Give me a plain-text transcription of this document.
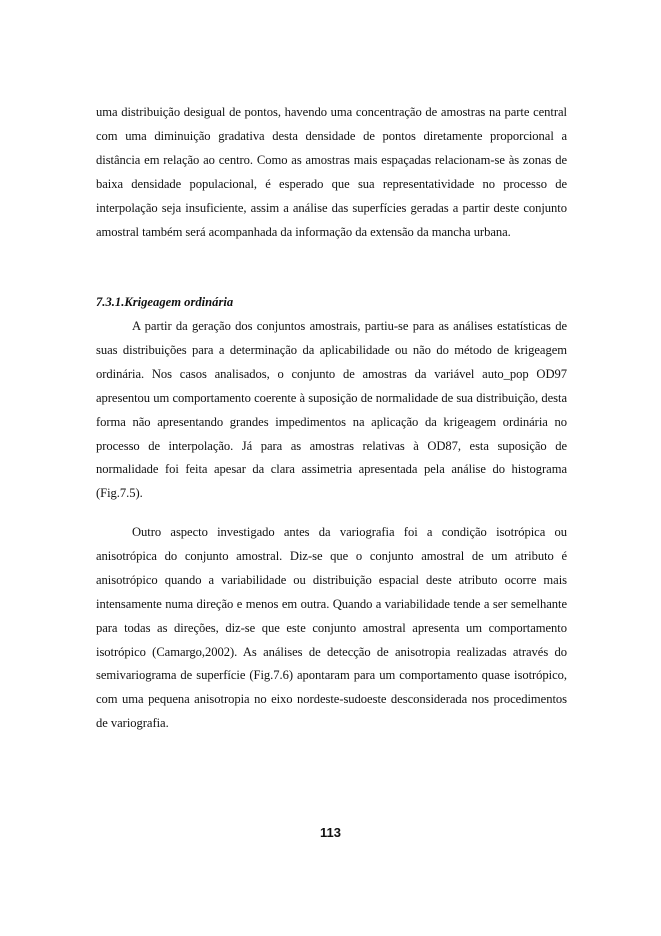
uma distribuição desigual de pontos, havendo uma concentração de amostras na parte central com uma diminuição gradativa desta densidade de pontos diretamente proporcional a distância em relação ao centro. Como as amostras mais espaçadas relacionam-se às zonas de baixa densidade populacional, é esperado que sua representatividade no processo de interpolação seja insuficiente, assim a análise das superfícies geradas a partir deste conjunto amostral também será acompanhada da informação da extensão da mancha urbana.

7.3.1.Krigeagem ordinária

A partir da geração dos conjuntos amostrais, partiu-se para as análises estatísticas de suas distribuições para a determinação da aplicabilidade ou não do método de krigeagem ordinária. Nos casos analisados, o conjunto de amostras da variável auto_pop OD97 apresentou um comportamento coerente à suposição de normalidade de sua distribuição, desta forma não apresentando grandes impedimentos na aplicação da krigeagem ordinária no processo de interpolação. Já para as amostras relativas à OD87, esta suposição de normalidade foi feita apesar da clara assimetria apresentada pela análise do histograma (Fig.7.5).

Outro aspecto investigado antes da variografia foi a condição isotrópica ou anisotrópica do conjunto amostral. Diz-se que o conjunto amostral de um atributo é anisotrópico quando a variabilidade ou distribuição espacial deste atributo ocorre mais intensamente numa direção e menos em outra. Quando a variabilidade tende a ser semelhante para todas as direções, diz-se que este conjunto amostral apresenta um comportamento isotrópico (Camargo,2002). As análises de detecção de anisotropia realizadas através do semivariograma de superfície (Fig.7.6) apontaram para um comportamento quase isotrópico, com uma pequena anisotropia no eixo nordeste-sudoeste desconsiderada nos procedimentos de variografia.

113
